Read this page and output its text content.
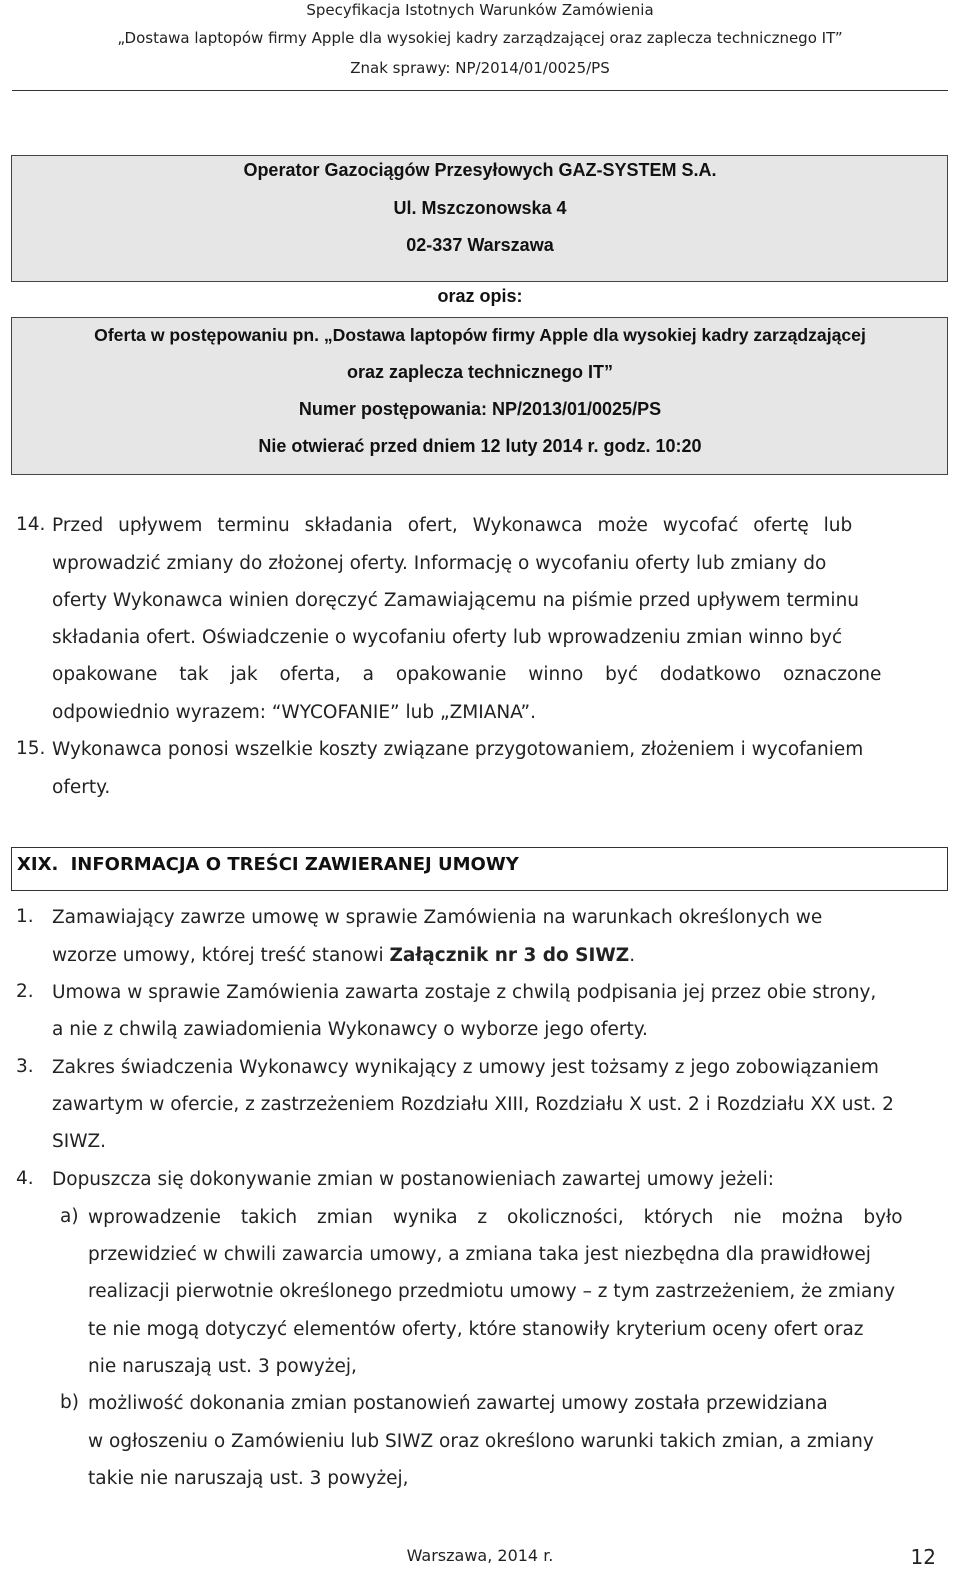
Specyfikacja Istotnych Warunków Zamówienia
„Dostawa laptopów firmy Apple dla wysokiej kadry zarządzającej oraz zaplecza technicznego IT”
Znak sprawy: NP/2014/01/0025/PS
Operator Gazociągów Przesyłowych GAZ-SYSTEM S.A.
Ul. Mszczonowska 4
02-337 Warszawa
oraz opis:
Oferta w postępowaniu pn. „Dostawa laptopów firmy Apple dla wysokiej kadry zarządzającej
oraz zaplecza technicznego IT”
Numer postępowania: NP/2013/01/0025/PS
Nie otwierać przed dniem 12 luty 2014 r. godz. 10:20
14. Przed upływem terminu składania ofert, Wykonawca może wycofać ofertę lub
wprowadzić zmiany do złożonej oferty. Informację o wycofaniu oferty lub zmiany do
oferty Wykonawca winien doręczyć Zamawiającemu na piśmie przed upływem terminu
składania ofert. Oświadczenie o wycofaniu oferty lub wprowadzeniu zmian winno być
opakowane tak jak oferta, a opakowanie winno być dodatkowo oznaczone
odpowiednio wyrazem: “WYCOFANIE” lub „ZMIANA”.
15. Wykonawca ponosi wszelkie koszty związane przygotowaniem, złożeniem i wycofaniem
oferty.
XIX. INFORMACJA O TREŚCI ZAWIERANEJ UMOWY
1. Zamawiający zawrze umowę w sprawie Zamówienia na warunkach określonych we
wzorze umowy, której treść stanowi Załącznik nr 3 do SIWZ.
2. Umowa w sprawie Zamówienia zawarta zostaje z chwilą podpisania jej przez obie strony,
a nie z chwilą zawiadomienia Wykonawcy o wyborze jego oferty.
3. Zakres świadczenia Wykonawcy wynikający z umowy jest tożsamy z jego zobowiązaniem
zawartym w ofercie, z zastrzeżeniem Rozdziału XIII, Rozdziału X ust. 2 i Rozdziału XX ust. 2
SIWZ.
4. Dopuszcza się dokonywanie zmian w postanowieniach zawartej umowy jeżeli:
a) wprowadzenie takich zmian wynika z okoliczności, których nie można było
przewidzieć w chwili zawarcia umowy, a zmiana taka jest niezbędna dla prawidłowej
realizacji pierwotnie określonego przedmiotu umowy – z tym zastrzeżeniem, że zmiany
te nie mogą dotyczyć elementów oferty, które stanowiły kryterium oceny ofert oraz
nie naruszają ust. 3 powyżej,
b) możliwość dokonania zmian postanowień zawartej umowy została przewidziana
w ogłoszeniu o Zamówieniu lub SIWZ oraz określono warunki takich zmian, a zmiany
takie nie naruszają ust. 3 powyżej,
Warszawa, 2014 r.	12
